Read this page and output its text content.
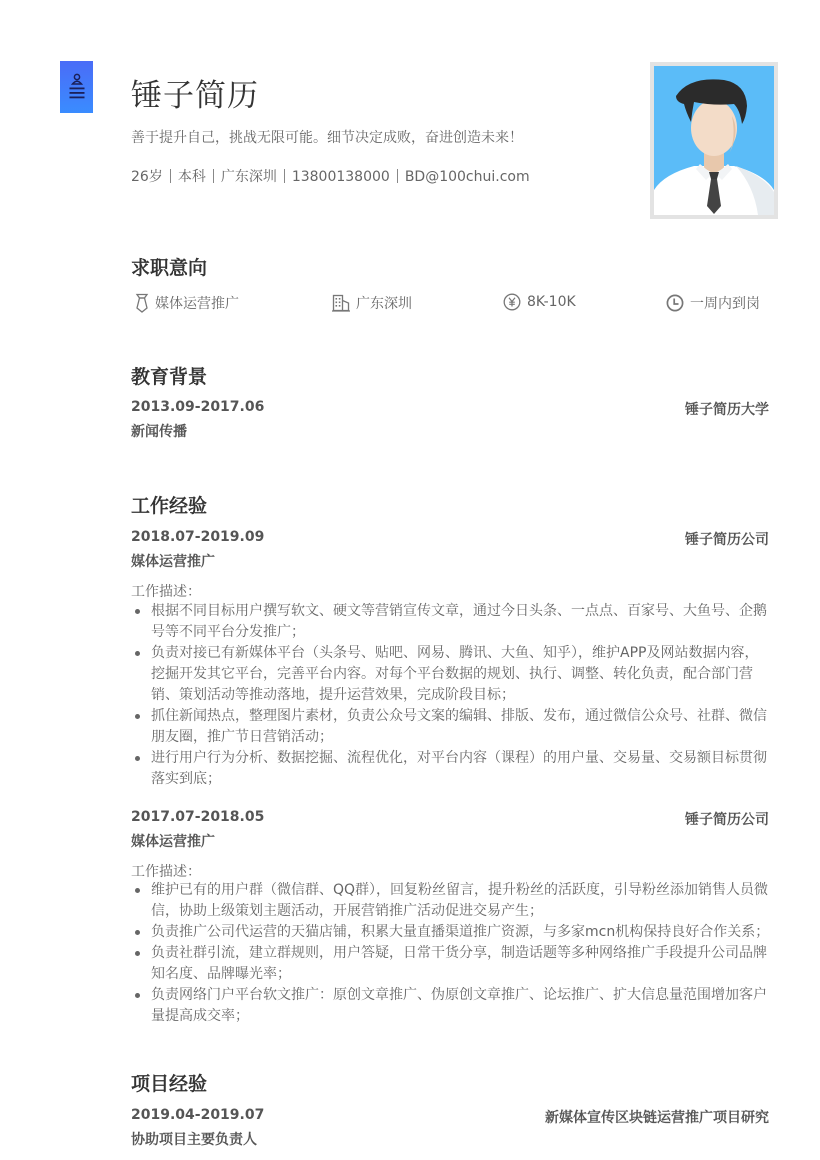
锤子简历
善于提升自己，挑战无限可能。细节决定成败，奋进创造未来！
26岁 本科 广东深圳 13800138000 BD@100chui.com
求职意向
媒体运营推广	广东深圳	8K-10K	一周内到岗
教育背景
2013.09-2017.06	锤子简历大学
新闻传播
工作经验
2018.07-2019.09	锤子简历公司
媒体运营推广
工作描述：
根据不同目标用户撰写软文、硬文等营销宣传文章，通过今日头条、一点点、百家号、大鱼号、企鹅号等不同平台分发推广；
负责对接已有新媒体平台（头条号、贴吧、网易、腾讯、大鱼、知乎），维护APP及网站数据内容，挖掘开发其它平台，完善平台内容。对每个平台数据的规划、执行、调整、转化负责，配合部门营销、策划活动等推动落地，提升运营效果，完成阶段目标；
抓住新闻热点，整理图片素材，负责公众号文案的编辑、排版、发布，通过微信公众号、社群、微信朋友圈，推广节日营销活动；
进行用户行为分析、数据挖掘、流程优化，对平台内容（课程）的用户量、交易量、交易额目标贯彻落实到底；
2017.07-2018.05	锤子简历公司
媒体运营推广
工作描述：
维护已有的用户群（微信群、QQ群），回复粉丝留言，提升粉丝的活跃度，引导粉丝添加销售人员微信，协助上级策划主题活动，开展营销推广活动促进交易产生；
负责推广公司代运营的天猫店铺，积累大量直播渠道推广资源，与多家mcn机构保持良好合作关系；
负责社群引流，建立群规则，用户答疑，日常干货分享，制造话题等多种网络推广手段提升公司品牌知名度、品牌曝光率；
负责网络门户平台软文推广：原创文章推广、伪原创文章推广、论坛推广、扩大信息量范围增加客户量提高成交率；
项目经验
2019.04-2019.07	新媒体宣传区块链运营推广项目研究
协助项目主要负责人
